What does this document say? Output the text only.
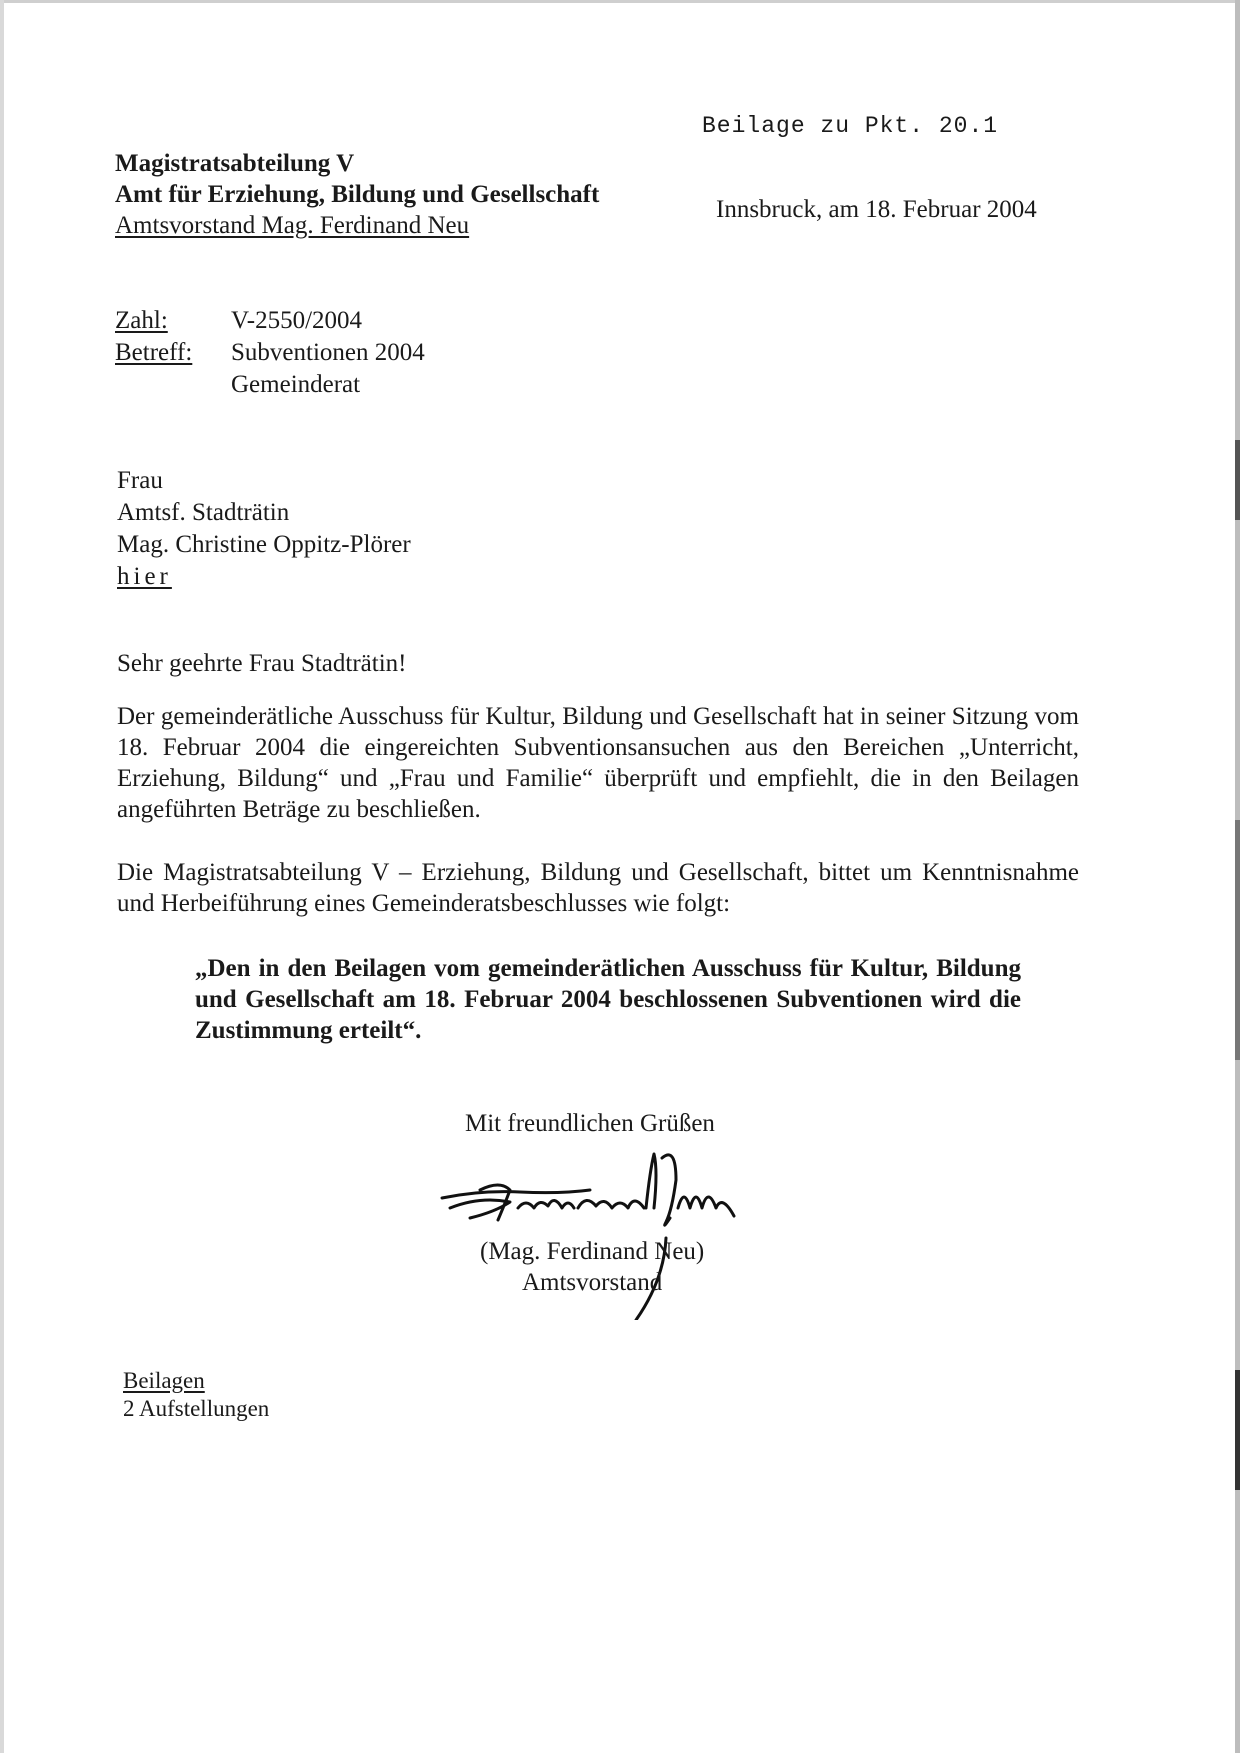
Beilage zu Pkt. 20.1
Magistratsabteilung V
Amt für Erziehung, Bildung und Gesellschaft
Amtsvorstand Mag. Ferdinand Neu
Innsbruck, am 18. Februar 2004
Zahl:	V-2550/2004
Betreff:	Subventionen 2004
	Gemeinderat
Frau
Amtsf. Stadträtin
Mag. Christine Oppitz-Plörer
hier
Sehr geehrte Frau Stadträtin!
Der gemeinderätliche Ausschuss für Kultur, Bildung und Gesellschaft hat in seiner Sitzung vom 18. Februar 2004 die eingereichten Subventionsansuchen aus den Bereichen „Unterricht, Erziehung, Bildung“ und „Frau und Familie“ überprüft und empfiehlt, die in den Beilagen angeführten Beträge zu beschließen.
Die Magistratsabteilung V – Erziehung, Bildung und Gesellschaft, bittet um Kenntnisnahme und Herbeiführung eines Gemeinderatsbeschlusses wie folgt:
„Den in den Beilagen vom gemeinderätlichen Ausschuss für Kultur, Bildung und Gesellschaft am 18. Februar 2004 beschlossenen Subventionen wird die Zustimmung erteilt“.
Mit freundlichen Grüßen
(Mag. Ferdinand Neu)
Amtsvorstand
Beilagen
2 Aufstellungen
